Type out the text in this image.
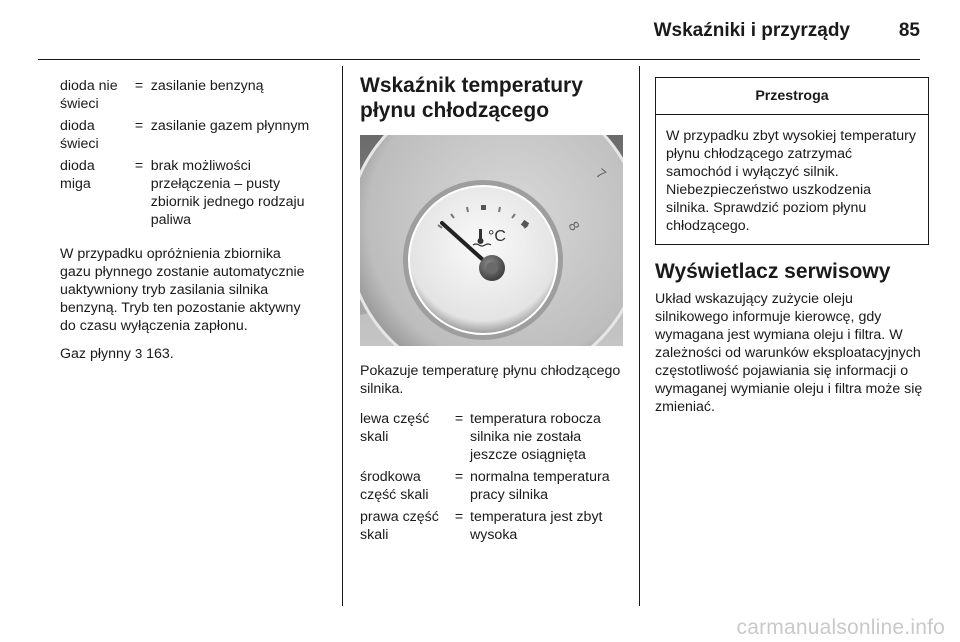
Wskaźniki i przyrządy	85
dioda nie świeci	=	zasilanie benzyną
dioda świeci	=	zasilanie gazem płynnym
dioda miga	=	brak możliwości przełączenia – pusty zbiornik jednego rodzaju paliwa

W przypadku opróżnienia zbiornika gazu płynnego zostanie automatycznie uaktywniony tryb zasilania silnika benzyną. Tryb ten pozostanie aktywny do czasu wyłączenia zapłonu.

Gaz płynny 3 163.

Wskaźnik temperatury płynu chłodzącego
7
8
°C

Pokazuje temperaturę płynu chłodzącego silnika.

lewa część skali	=	temperatura robocza silnika nie została jeszcze osiągnięta
środkowa część skali	=	normalna temperatura pracy silnika
prawa część skali	=	temperatura jest zbyt wysoka
Przestroga
W przypadku zbyt wysokiej temperatury płynu chłodzącego zatrzymać samochód i wyłączyć silnik. Niebezpieczeństwo uszkodzenia silnika. Sprawdzić poziom płynu chłodzącego.
Wyświetlacz serwisowy

Układ wskazujący zużycie oleju silnikowego informuje kierowcę, gdy wymagana jest wymiana oleju i filtra. W zależności od warunków eksploatacyjnych częstotliwość pojawiania się informacji o wymaganej wymianie oleju i filtra może się zmieniać.

carmanualsonline.info
